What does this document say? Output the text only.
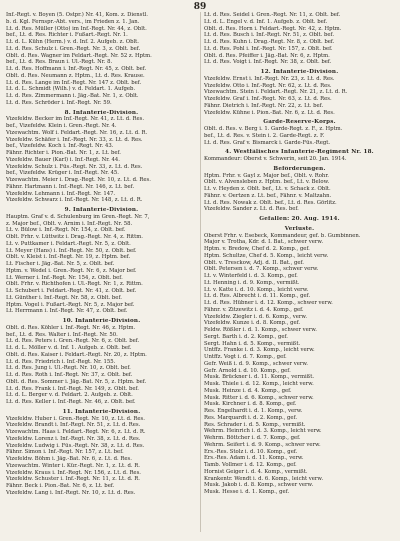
89
Inf.-Regt. v. Boyen (5. Ostpr.) Nr. 41, Kom. z. Dienstl.
b. d. Kgl. Fernspr.-Abt. vers., im Frieden z. 1. Jan.
Lt. d. Res. Müller (Otto) im Inf.-Regt. Nr. 44, z. Oblt.
bef., Lt. d. Res. Richter i. Fußart.-Regt. Nr. 1.
Lt. d. L. Kühn (Herm.) v. d. Inf. 2. Aufgeb. z. Oblt.
Lt. d. Res. Schulz i. Gren.-Regt. Nr. 3, z. Oblt. bef.
Oblt. d. Res. Wagner im Feldart.-Regt. Nr. 52 z. Hptm.
bef., Lt. d. Res. Braun i. Ul.-Regt. Nr. 8.
Lt. d. Res. Hoffmann i. Inf.-Regt. Nr. 45, z. Oblt. bef.
Oblt. d. Res. Neumann z. Hptm., Lt. d. Res. Krause.
Lt. d. Res. Lange im Inf.-Regt. Nr. 147 z. Oblt. bef.
Lt. d. L. Schmidt (Wilh.) v. d. Feldart. 1. Aufgeb.
Lt. d. Res. Zimmermann i. Jäg.-Bat. Nr. 1, z. Oblt.
Lt. d. Res. Schröder i. Inf.-Regt. Nr. 59.
8. Infanterie-Division.
Vizefeldw. Becker im Inf.-Regt. Nr. 41, z. Lt. d. Res.
bef., Vizefeldw. Klein i. Gren.-Regt. Nr. 4.
Vizewachtm. Wolf i. Feldart.-Regt. Nr. 16, z. Lt. d. R.
Vizefeldw. Schäfer i. Inf.-Regt. Nr. 33, z. Lt. d. Res.
bef., Vizefeldw. Koch i. Inf.-Regt. Nr. 43.
Fähnr. Richter i. Pion.-Bat. Nr. 1, z. Lt. bef.
Vizefeldw. Bauer (Karl) i. Inf.-Regt. Nr. 44.
Vizefeldw. Schulz i. Füs.-Regt. Nr. 33, z. Lt. d. Res.
bef., Vizefeldw. Krüger i. Inf.-Regt. Nr. 45.
Vizewachtm. Meier i. Drag.-Regt. Nr. 10, z. Lt. d. Res.
Fähnr. Hartmann i. Inf.-Regt. Nr. 146, z. Lt. bef.
Vizefeldw. Lehmann i. Inf.-Regt. Nr. 147.
Vizefeldw. Schwarz i. Inf.-Regt. Nr. 148, z. Lt. d. R.
9. Infanterie-Division.
Hauptm. Graf v. d. Schulenburg im Gren.-Regt. Nr. 7,
z. Major bef., Oblt. v. Arnim i. Inf.-Regt. Nr. 58.
Lt. v. Bülow i. Inf.-Regt. Nr. 154, z. Oblt. bef.
Oblt. Frhr. v. Lüttwitz i. Drag.-Regt. Nr. 4, z. Rittm.
Lt. v. Puttkamer i. Feldart.-Regt. Nr. 5, z. Oblt.
Lt. Meyer (Hans) i. Inf.-Regt. Nr. 50, z. Oblt. bef.
Oblt. v. Kleist i. Inf.-Regt. Nr. 19, z. Hptm. bef.
Lt. Fischer i. Jäg.-Bat. Nr. 5, z. Oblt. bef.
Hptm. v. Wedel i. Gren.-Regt. Nr. 6, z. Major bef.
Lt. Werner i. Inf.-Regt. Nr. 154, z. Oblt. bef.
Oblt. Frhr. v. Richthofen i. Ul.-Regt. Nr. 1, z. Rittm.
Lt. Schubert i. Feldart.-Regt. Nr. 41, z. Oblt. bef.
Lt. Günther i. Inf.-Regt. Nr. 58, z. Oblt. bef.
Hptm. Vogel i. Fußart.-Regt. Nr. 5, z. Major bef.
Lt. Herrmann i. Inf.-Regt. Nr. 47, z. Oblt. bef.
10. Infanterie-Division.
Oblt. d. Res. Köhler i. Inf.-Regt. Nr. 46, z. Hptm.
bef., Lt. d. Res. Walter i. Inf.-Regt. Nr. 50.
Lt. d. Res. Peters i. Gren.-Regt. Nr. 6, z. Oblt. bef.
Lt. d. L. Möller v. d. Inf. 1. Aufgeb. z. Oblt. bef.
Oblt. d. Res. Kaiser i. Feldart.-Regt. Nr. 20, z. Hptm.
Lt. d. Res. Friedrich i. Inf.-Regt. Nr. 155.
Lt. d. Res. Jung i. Ul.-Regt. Nr. 10, z. Oblt. bef.
Lt. d. Res. Roth i. Inf.-Regt. Nr. 37, z. Oblt. bef.
Oblt. d. Res. Sommer i. Jäg.-Bat. Nr. 5, z. Hptm. bef.
Lt. d. Res. Frank i. Inf.-Regt. Nr. 149, z. Oblt. bef.
Lt. d. L. Berger v. d. Feldart. 2. Aufgeb. z. Oblt.
Lt. d. Res. Keller i. Inf.-Regt. Nr. 46, z. Oblt. bef.
11. Infanterie-Division.
Vizefeldw. Huber i. Gren.-Regt. Nr. 10, z. Lt. d. Res.
Vizefeldw. Brandt i. Inf.-Regt. Nr. 51, z. Lt. d. Res.
Vizewachtm. Haas i. Feldart.-Regt. Nr. 6, z. Lt. d. R.
Vizefeldw. Lorenz i. Inf.-Regt. Nr. 38, z. Lt. d. Res.
Vizefeldw. Ludwig i. Füs.-Regt. Nr. 38, z. Lt. d. Res.
Fähnr. Simon i. Inf.-Regt. Nr. 157, z. Lt. bef.
Vizefeldw. Böhm i. Jäg.-Bat. Nr. 6, z. Lt. d. Res.
Vizewachtm. Winter i. Kür.-Regt. Nr. 1, z. Lt. d. R.
Vizefeldw. Kraus i. Inf.-Regt. Nr. 156, z. Lt. d. Res.
Vizefeldw. Schuster i. Inf.-Regt. Nr. 11, z. Lt. d. R.
Fähnr. Beck i. Pion.-Bat. Nr. 6, z. Lt. bef.
Vizefeldw. Lang i. Inf.-Regt. Nr. 10, z. Lt. d. Res.
Lt. d. Res. Seidel i. Gren.-Regt. Nr. 11, z. Oblt. bef.
Lt. d. L. Engel v. d. Inf. 1. Aufgeb. z. Oblt. bef.
Oblt. d. Res. Horn i. Feldart.-Regt. Nr. 42, z. Hptm.
Lt. d. Res. Busch i. Inf.-Regt. Nr. 51, z. Oblt. bef.
Lt. d. Res. Kuhn i. Drag.-Regt. Nr. 8, z. Oblt. bef.
Lt. d. Res. Pohl i. Inf.-Regt. Nr. 157, z. Oblt. bef.
Oblt. d. Res. Pfeiffer i. Jäg.-Bat. Nr. 6, z. Hptm.
Lt. d. Res. Voigt i. Inf.-Regt. Nr. 38, z. Oblt. bef.
12. Infanterie-Division.
Vizefeldw. Ernst i. Inf.-Regt. Nr. 23, z. Lt. d. Res.
Vizefeldw. Otto i. Inf.-Regt. Nr. 62, z. Lt. d. Res.
Vizewachtm. Stein i. Feldart.-Regt. Nr. 21, z. Lt. d. R.
Vizefeldw. Graf i. Inf.-Regt. Nr. 63, z. Lt. d. Res.
Fähnr. Dietrich i. Inf.-Regt. Nr. 22, z. Lt. bef.
Vizefeldw. Kühne i. Pion.-Bat. Nr. 6, z. Lt. d. Res.
Garde-Reserve-Korps.
Oblt. d. Res. v. Berg i. 1. Garde-Regt. z. F., z. Hptm.
bef., Lt. d. Res. v. Stein i. 2. Garde-Regt. z. F.
Lt. d. Res. Graf v. Bismarck i. Garde-Füs.-Regt.
4. Westfälisches Infanterie-Regiment Nr. 18.
Kommandeur: Oberst v. Schwerin, seit 20. Jan. 1914.
Beförderungen.
Hptm. Frhr. v. Gayl z. Major bef., Oblt. v. Rohr.
Oblt. v. Alvensleben z. Hptm. bef., Lt. v. Below.
Lt. v. Heyden z. Oblt. bef., Lt. v. Schack z. Oblt.
Fähnr. v. Oertzen z. Lt. bef., Fähnr. v. Maltzahn.
Lt. d. Res. Nowak z. Oblt. bef., Lt. d. Res. Görlitz.
Vizefeldw. Sander z. Lt. d. Res. bef.
Gefallen: 20. Aug. 1914.
Verluste.
Oberst Frhr. v. Esebeck, Kommandeur, gef. b. Gumbinnen.
Major v. Trotha, Kdr. d. I. Bat., schwer verw.
Hptm. v. Bredow, Chef d. 2. Komp., gef.
Hptm. Schultze, Chef d. 5. Komp., leicht verw.
Oblt. v. Tresckow, Adj. d. II. Bat., gef.
Oblt. Petersen i. d. 7. Komp., schwer verw.
Lt. v. Winterfeld i. d. 3. Komp., gef.
Lt. Henning i. d. 9. Komp., vermißt.
Lt. v. Katte i. d. 10. Komp., leicht verw.
Lt. d. Res. Albrecht i. d. 11. Komp., gef.
Lt. d. Res. Hübner i. d. 12. Komp., schwer verw.
Fähnr. v. Zitzewitz i. d. 4. Komp., gef.
Vizefeldw. Ziegler i. d. 6. Komp., verw.
Vizefeldw. Kunze i. d. 8. Komp., gef.
Feldw. Rößler i. d. 1. Komp., schwer verw.
Sergt. Barth i. d. 2. Komp., gef.
Sergt. Hahn i. d. 5. Komp., vermißt.
Untffz. Franke i. d. 3. Komp., leicht verw.
Untffz. Vogt i. d. 7. Komp., gef.
Gefr. Weiß i. d. 9. Komp., schwer verw.
Gefr. Arnold i. d. 10. Komp., gef.
Musk. Brückner i. d. 11. Komp., vermißt.
Musk. Thiele i. d. 12. Komp., leicht verw.
Musk. Heinze i. d. 4. Komp., gef.
Musk. Ritter i. d. 6. Komp., schwer verw.
Musk. Kirchner i. d. 8. Komp., gef.
Res. Engelhardt i. d. 1. Komp., verw.
Res. Marquardt i. d. 2. Komp., gef.
Res. Schrader i. d. 5. Komp., vermißt.
Wehrm. Heinrich i. d. 3. Komp., leicht verw.
Wehrm. Böttcher i. d. 7. Komp., gef.
Wehrm. Seifert i. d. 9. Komp., schwer verw.
Ers.-Res. Stolz i. d. 10. Komp., gef.
Ers.-Res. Adam i. d. 11. Komp., verw.
Tamb. Vollmer i. d. 12. Komp., gef.
Hornist Geiger i. d. 4. Komp., vermißt.
Krankentr. Wendt i. d. 6. Komp., leicht verw.
Musk. Jakob i. d. 8. Komp., schwer verw.
Musk. Hesse i. d. 1. Komp., gef.
